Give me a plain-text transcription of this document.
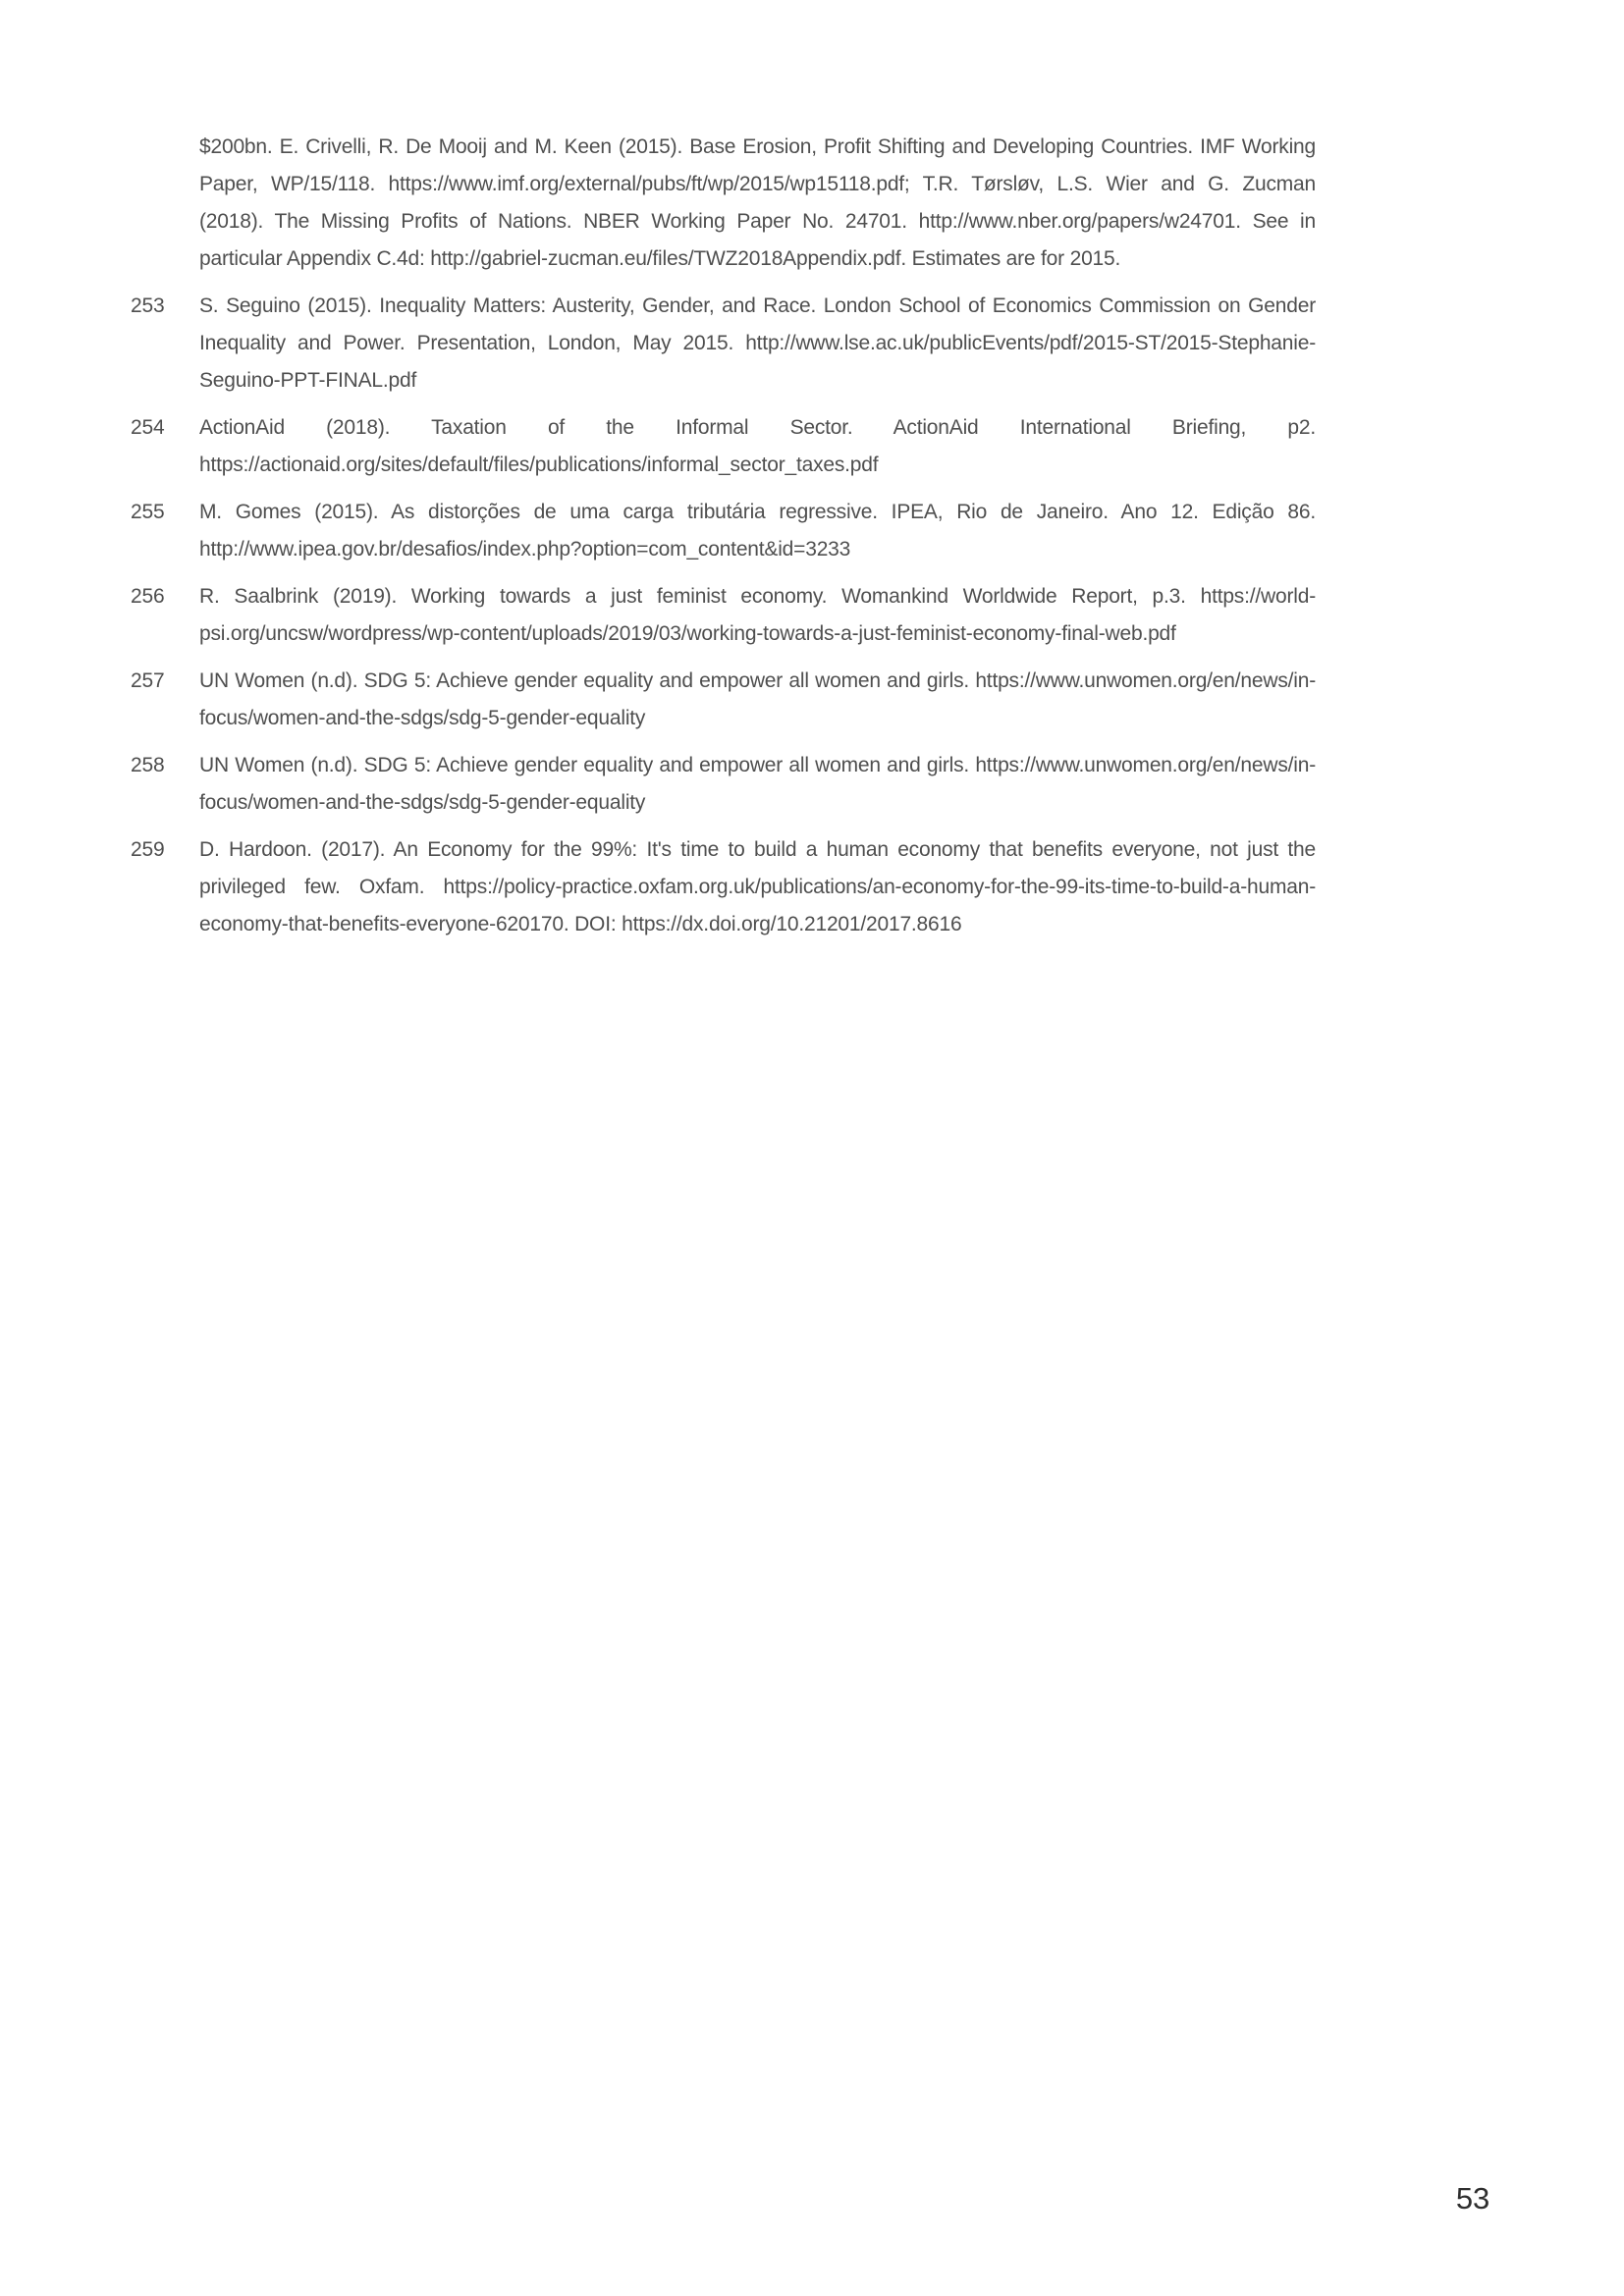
$200bn. E. Crivelli, R. De Mooij and M. Keen (2015). Base Erosion, Profit Shifting and Developing Countries. IMF Working Paper, WP/15/118. https://www.imf.org/external/pubs/ft/wp/2015/wp15118.pdf; T.R. Tørsløv, L.S. Wier and G. Zucman (2018). The Missing Profits of Nations. NBER Working Paper No. 24701. http://www.nber.org/papers/w24701. See in particular Appendix C.4d: http://gabriel-zucman.eu/files/TWZ2018Appendix.pdf. Estimates are for 2015.
253	S. Seguino (2015). Inequality Matters: Austerity, Gender, and Race. London School of Economics Commission on Gender Inequality and Power. Presentation, London, May 2015. http://www.lse.ac.uk/publicEvents/pdf/2015-ST/2015-Stephanie-Seguino-PPT-FINAL.pdf
254	ActionAid (2018). Taxation of the Informal Sector. ActionAid International Briefing, p2. https://actionaid.org/sites/default/files/publications/informal_sector_taxes.pdf
255	M. Gomes (2015). As distorções de uma carga tributária regressive. IPEA, Rio de Janeiro. Ano 12. Edição 86. http://www.ipea.gov.br/desafios/index.php?option=com_content&id=3233
256	R. Saalbrink (2019). Working towards a just feminist economy. Womankind Worldwide Report, p.3. https://world-psi.org/uncsw/wordpress/wp-content/uploads/2019/03/working-towards-a-just-feminist-economy-final-web.pdf
257	UN Women (n.d). SDG 5: Achieve gender equality and empower all women and girls. https://www.unwomen.org/en/news/in-focus/women-and-the-sdgs/sdg-5-gender-equality
258	UN Women (n.d). SDG 5: Achieve gender equality and empower all women and girls. https://www.unwomen.org/en/news/in-focus/women-and-the-sdgs/sdg-5-gender-equality
259	D. Hardoon. (2017). An Economy for the 99%: It's time to build a human economy that benefits everyone, not just the privileged few. Oxfam. https://policy-practice.oxfam.org.uk/publications/an-economy-for-the-99-its-time-to-build-a-human-economy-that-benefits-everyone-620170. DOI: https://dx.doi.org/10.21201/2017.8616
53
